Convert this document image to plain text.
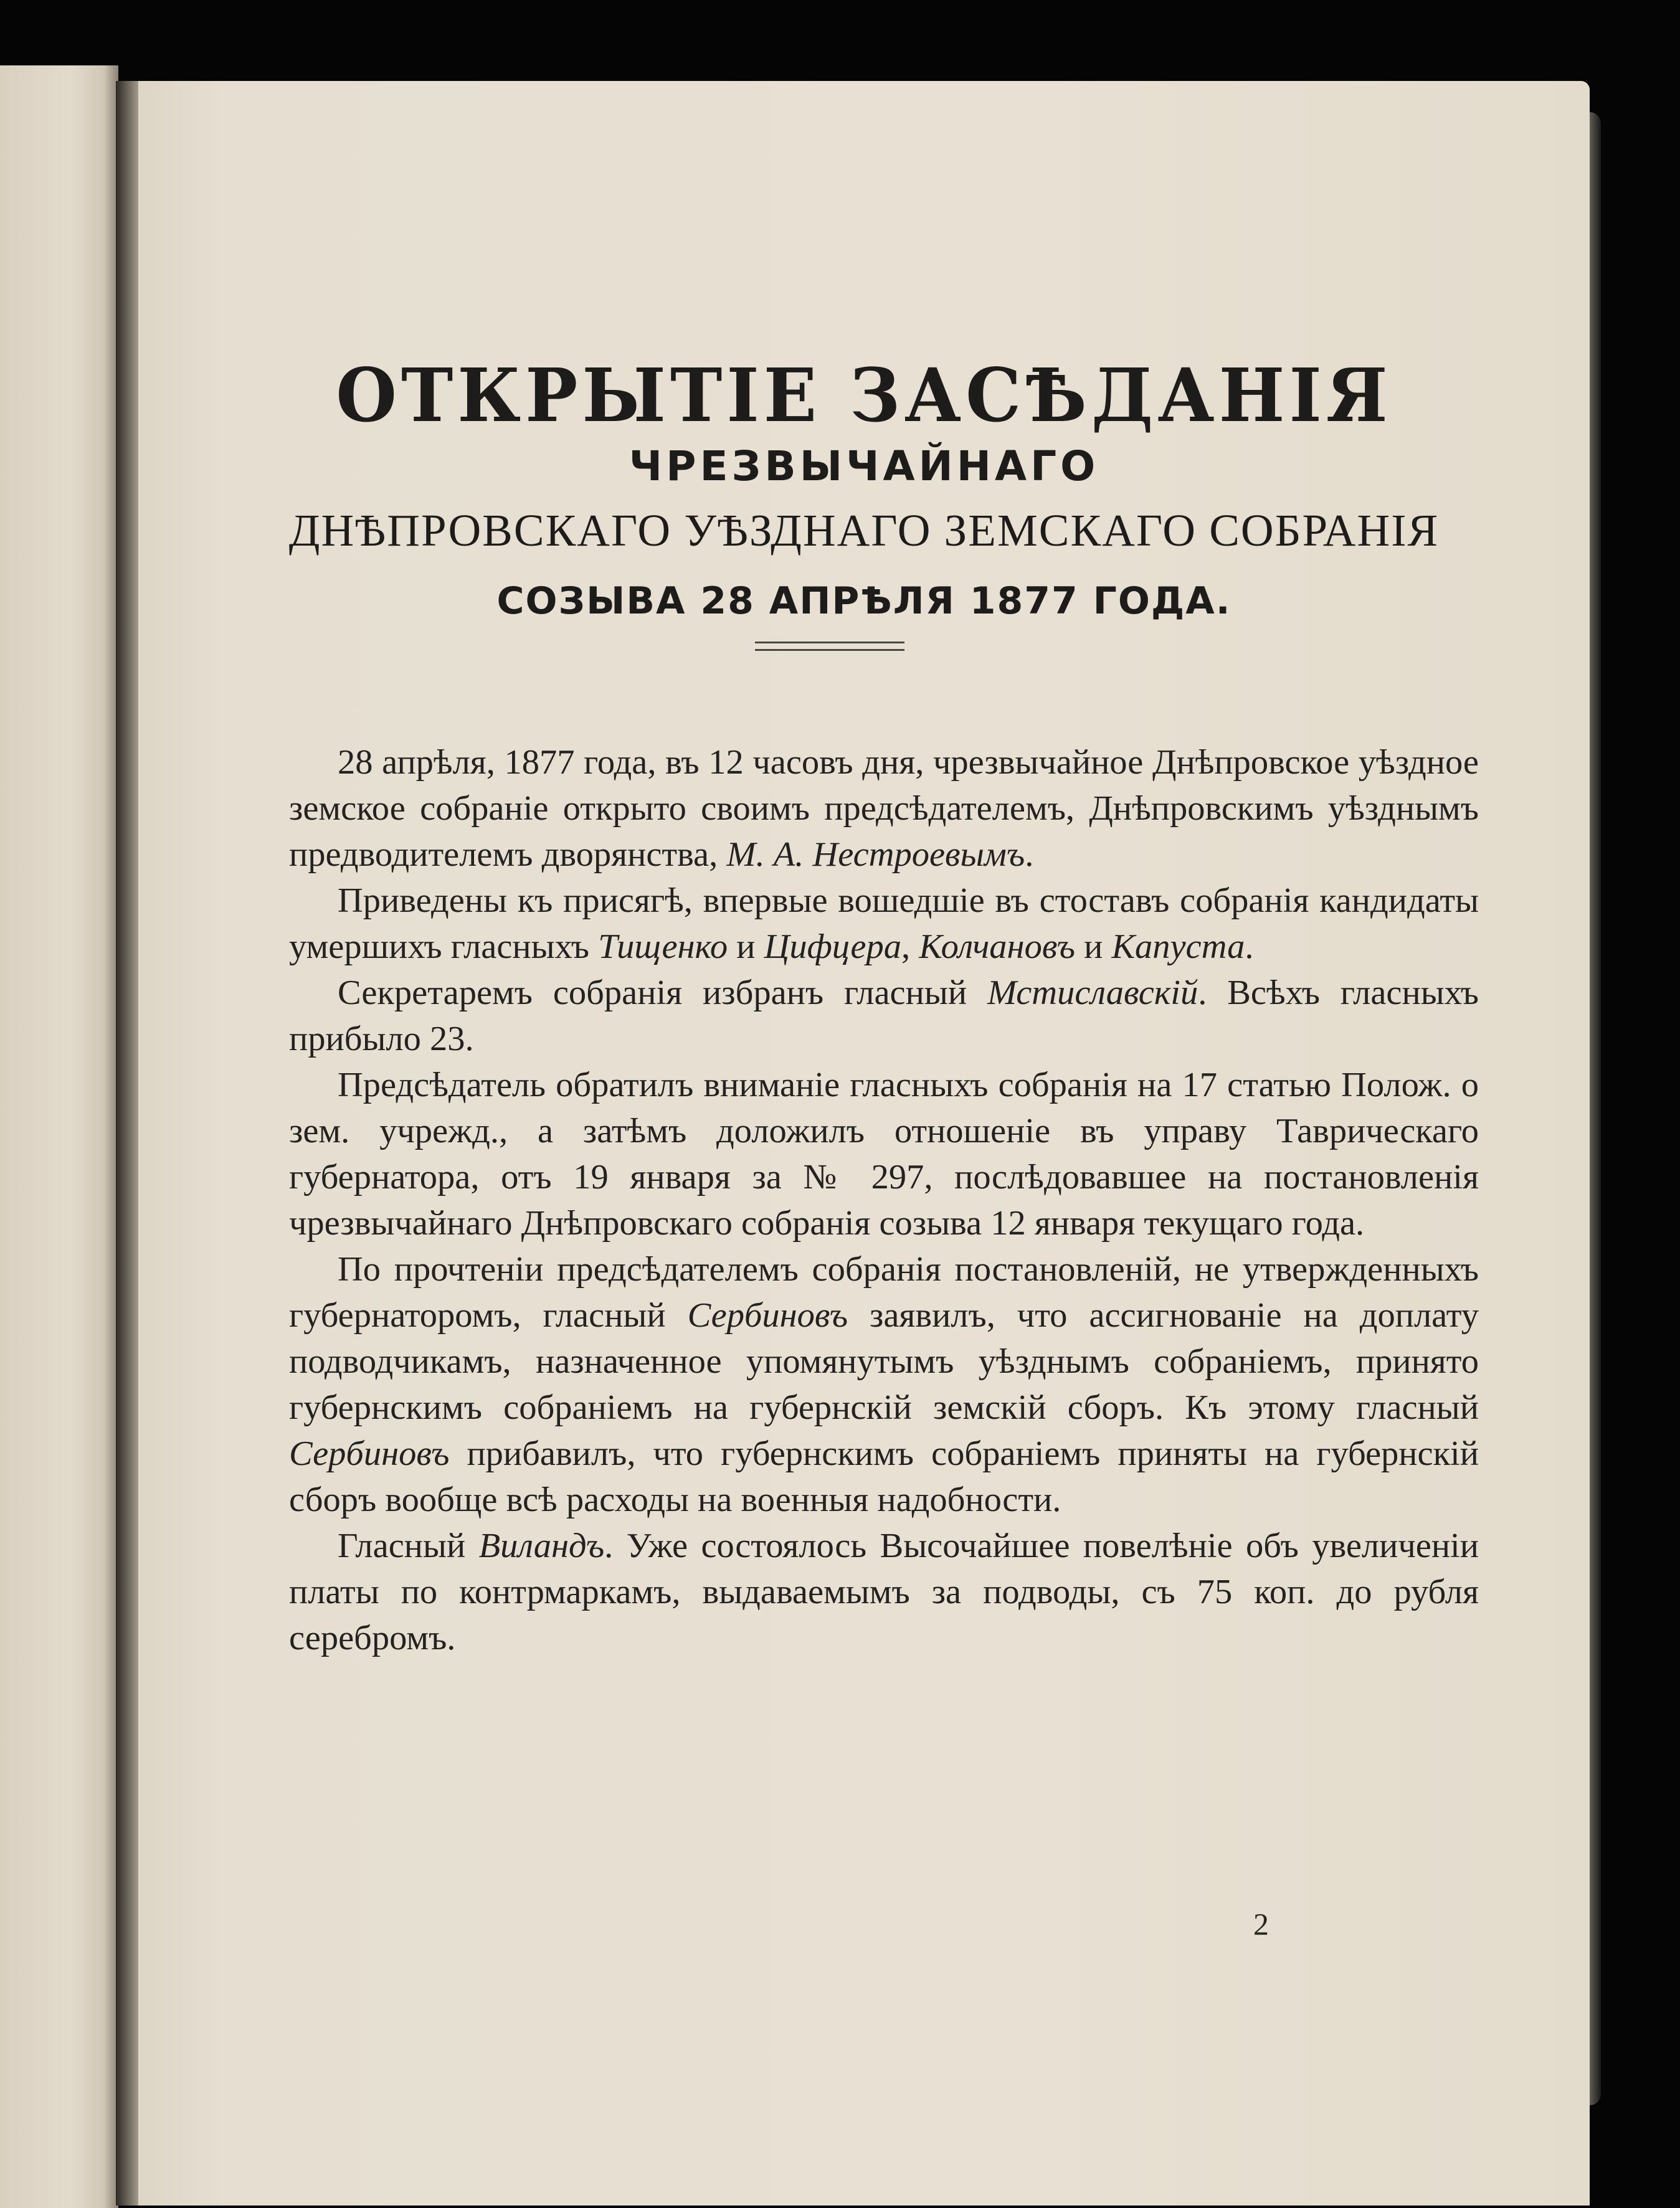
ОТКРЫТІЕ ЗАСѢДАНІЯ
ЧРЕЗВЫЧАЙНАГО
ДНѢПРОВСКАГО УѢЗДНАГО ЗЕМСКАГО СОБРАНІЯ
СОЗЫВА 28 АПРѢЛЯ 1877 ГОДА.

28 апрѣля, 1877 года, въ 12 часовъ дня, чрезвычайное Днѣпровское уѣздное земское собраніе открыто своимъ предсѣдателемъ, Днѣпровскимъ уѣзднымъ предводителемъ дворянства, М. А. Нестроевымъ.

Приведены къ присягѣ, впервые вошедшіе въ стоставъ собранія кандидаты умершихъ гласныхъ Тищенко и Цифцера, Колчановъ и Капуста.

Секретаремъ собранія избранъ гласный Мстиславскій. Всѣхъ гласныхъ прибыло 23.

Предсѣдатель обратилъ вниманіе гласныхъ собранія на 17 статью Полож. о зем. учрежд., а затѣмъ доложилъ отношеніе въ управу Таврическаго губернатора, отъ 19 января за № 297, послѣдовавшее на постановленія чрезвычайнаго Днѣпровскаго собранія созыва 12 января текущаго года.

По прочтеніи предсѣдателемъ собранія постановленій, не утвержденныхъ губернаторомъ, гласный Сербиновъ заявилъ, что ассигнованіе на доплату подводчикамъ, назначенное упомянутымъ уѣзднымъ собраніемъ, принято губернскимъ собраніемъ на губернскій земскій сборъ. Къ этому гласный Сербиновъ прибавилъ, что губернскимъ собраніемъ приняты на губернскій сборъ вообще всѣ расходы на военныя надобности.

Гласный Виландъ. Уже состоялось Высочайшее повелѣніе объ увеличеніи платы по контрмаркамъ, выдаваемымъ за подводы, съ 75 коп. до рубля серебромъ.

2
